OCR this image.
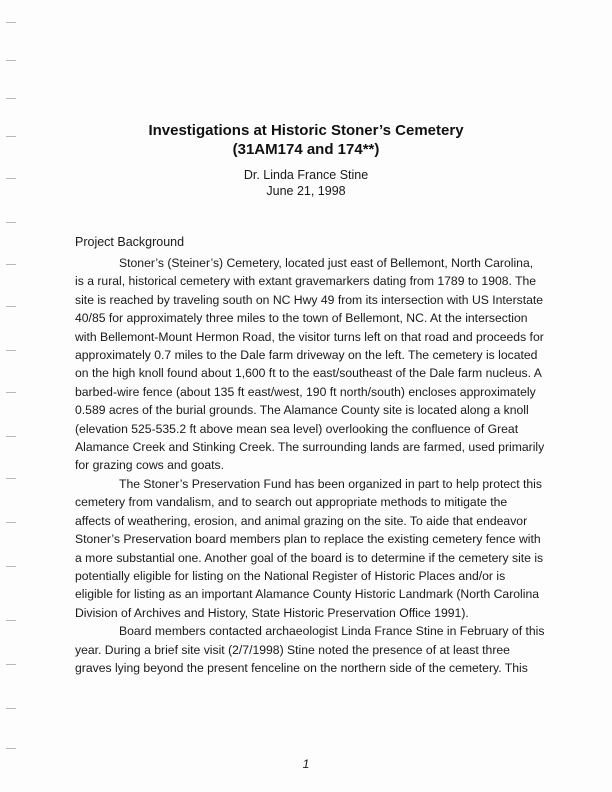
Investigations at Historic Stoner’s Cemetery

(31AM174 and 174**)

Dr. Linda France Stine

June 21, 1998

Project Background

Stoner’s (Steiner’s) Cemetery, located just east of Bellemont, North Carolina, is a rural, historical cemetery with extant gravemarkers dating from 1789 to 1908. The site is reached by traveling south on NC Hwy 49 from its intersection with US Interstate 40/85 for approximately three miles to the town of Bellemont, NC. At the intersection with Bellemont-Mount Hermon Road, the visitor turns left on that road and proceeds for approximately 0.7 miles to the Dale farm driveway on the left. The cemetery is located on the high knoll found about 1,600 ft to the east/southeast of the Dale farm nucleus. A barbed-wire fence (about 135 ft east/west, 190 ft north/south) encloses approximately 0.589 acres of the burial grounds. The Alamance County site is located along a knoll (elevation 525-535.2 ft above mean sea level) overlooking the confluence of Great Alamance Creek and Stinking Creek. The surrounding lands are farmed, used primarily for grazing cows and goats.

The Stoner’s Preservation Fund has been organized in part to help protect this cemetery from vandalism, and to search out appropriate methods to mitigate the affects of weathering, erosion, and animal grazing on the site. To aide that endeavor Stoner’s Preservation board members plan to replace the existing cemetery fence with a more substantial one. Another goal of the board is to determine if the cemetery site is potentially eligible for listing on the National Register of Historic Places and/or is eligible for listing as an important Alamance County Historic Landmark (North Carolina Division of Archives and History, State Historic Preservation Office 1991).

Board members contacted archaeologist Linda France Stine in February of this year. During a brief site visit (2/7/1998) Stine noted the presence of at least three graves lying beyond the present fenceline on the northern side of the cemetery. This

1
